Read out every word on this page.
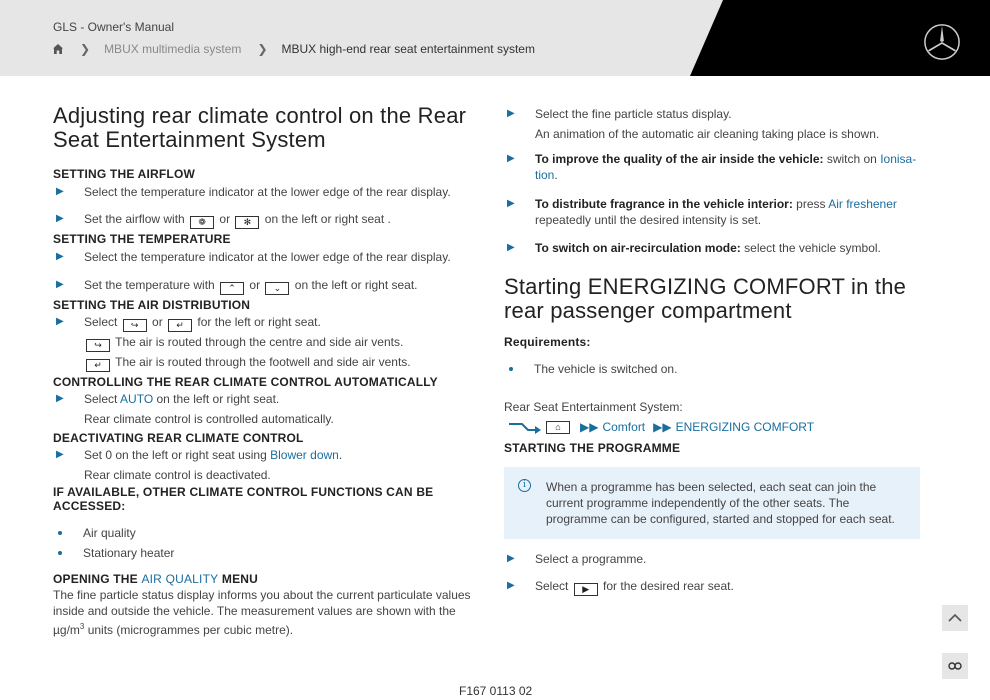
GLS - Owner's Manual
❯ MBUX multimedia system ❯ MBUX high-end rear seat entertainment system
Adjusting rear climate control on the Rear Seat Entertainment System
SETTING THE AIRFLOW
▶ Select the temperature indicator at the lower edge of the rear display.
▶ Set the airflow with ❁ or ✻ on the left or right seat .
SETTING THE TEMPERATURE
▶ Select the temperature indicator at the lower edge of the rear display.
▶ Set the temperature with ⌃ or ⌄ on the left or right seat.
SETTING THE AIR DISTRIBUTION
▶ Select ↪ or ↵ for the left or right seat.
↪ The air is routed through the centre and side air vents.
↵ The air is routed through the footwell and side air vents.
CONTROLLING THE REAR CLIMATE CONTROL AUTOMATICALLY
▶ Select AUTO on the left or right seat.
Rear climate control is controlled automatically.
DEACTIVATING REAR CLIMATE CONTROL
▶ Set 0 on the left or right seat using Blower down.
Rear climate control is deactivated.
IF AVAILABLE, OTHER CLIMATE CONTROL FUNCTIONS CAN BE ACCESSED:
Air quality
Stationary heater
OPENING THE AIR QUALITY MENU
The fine particle status display informs you about the current particulate values inside and outside the vehicle. The measurement values are shown with the $\mu g/m^3$ units (microgrammes per cubic metre).
▶ Select the fine particle status display.
An animation of the automatic air cleaning taking place is shown.
▶ To improve the quality of the air inside the vehicle: switch on Ionisa-tion.
▶ To distribute fragrance in the vehicle interior: press Air freshener repeatedly until the desired intensity is set.
▶ To switch on air-recirculation mode: select the vehicle symbol.
Starting ENERGIZING COMFORT in the rear passenger compartment
Requirements:
The vehicle is switched on.
Rear Seat Entertainment System:
⌂	▶▶ Comfort ▶▶ ENERGIZING COMFORT
STARTING THE PROGRAMME
i	When a programme has been selected, each seat can join the current programme independently of the other seats. The programme can be configured, started and stopped for each seat.
▶ Select a programme.
▶ Select ▶ for the desired rear seat.
F167 0113 02
